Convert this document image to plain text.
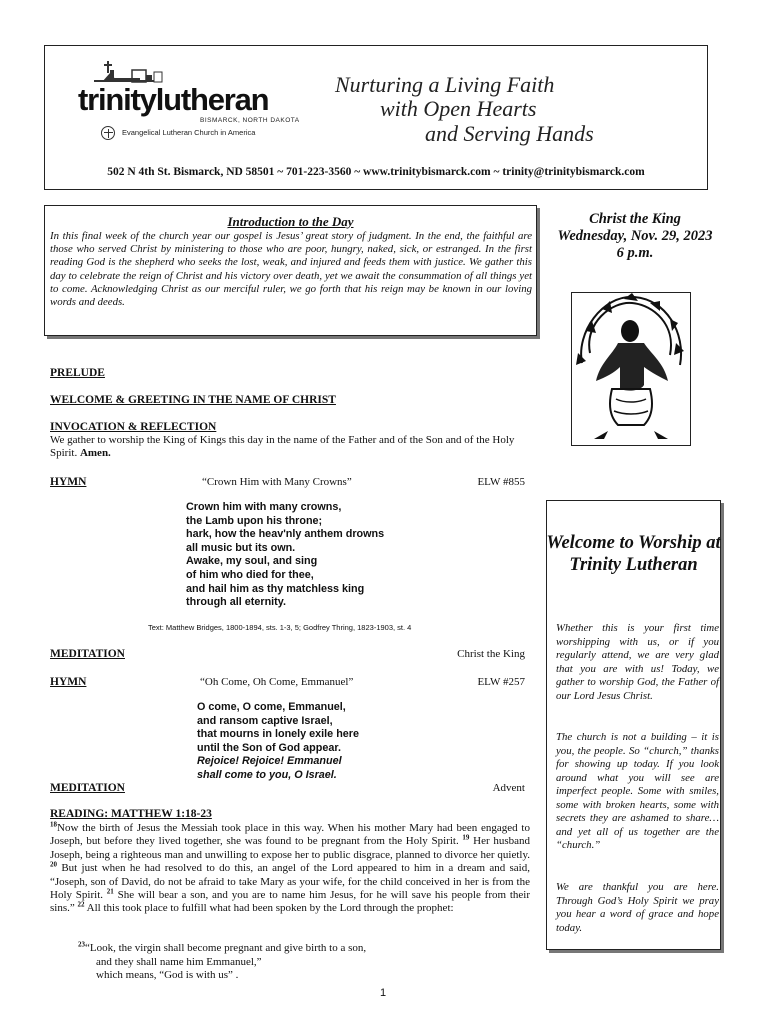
trinitylutheran
BISMARCK, NORTH DAKOTA
Evangelical Lutheran Church in America
Nurturing a Living Faith
with Open Hearts
and Serving Hands
502 N 4th St. Bismarck, ND 58501 ~ 701-223-3560 ~ www.trinitybismarck.com ~ trinity@trinitybismarck.com
Introduction to the Day
In this final week of the church year our gospel is Jesus’ great story of judgment. In the end, the faithful are those who served Christ by ministering to those who are poor, hungry, naked, sick, or estranged. In the first reading God is the shepherd who seeks the lost, weak, and injured and feeds them with justice. We gather this day to celebrate the reign of Christ and his victory over death, yet we await the consummation of all things yet to come. Acknowledging Christ as our merciful ruler, we go forth that his reign may be known in our loving words and deeds.
Christ the King
Wednesday, Nov. 29, 2023
6 p.m.
Welcome to Worship at Trinity Lutheran
Whether this is your first time worshipping with us, or if you regularly attend, we are very glad that you are with us! Today, we gather to worship God, the Father of our Lord Jesus Christ.
The church is not a building – it is you, the people. So “church,” thanks for showing up today. If you look around what you will see are imperfect people. Some with smiles, some with broken hearts, some with secrets they are ashamed to share… and yet all of us together are the “church.”
We are thankful you are here. Through God’s Holy Spirit we pray you hear a word of grace and hope today.
PRELUDE
WELCOME & GREETING IN THE NAME OF CHRIST
INVOCATION & REFLECTION
We gather to worship the King of Kings this day in the name of the Father and of the Son and of the Holy Spirit. Amen.
HYMN	“Crown Him with Many Crowns”	ELW #855
Crown him with many crowns,
the Lamb upon his throne;
hark, how the heav'nly anthem drowns
all music but its own.
Awake, my soul, and sing
of him who died for thee,
and hail him as thy matchless king
through all eternity.
Text: Matthew Bridges, 1800-1894, sts. 1-3, 5; Godfrey Thring, 1823-1903, st. 4
MEDITATION	Christ the King
HYMN	“Oh Come, Oh Come, Emmanuel”	ELW #257
O come, O come, Emmanuel,
and ransom captive Israel,
that mourns in lonely exile here
until the Son of God appear.
Rejoice! Rejoice! Emmanuel
shall come to you, O Israel.
MEDITATION	Advent
READING: MATTHEW 1:18-23
$^{18}$Now the birth of Jesus the Messiah took place in this way. When his mother Mary had been engaged to Joseph, but before they lived together, she was found to be pregnant from the Holy Spirit. $^{19}$ Her husband Joseph, being a righteous man and unwilling to expose her to public disgrace, planned to divorce her quietly. $^{20}$ But just when he had resolved to do this, an angel of the Lord appeared to him in a dream and said, “Joseph, son of David, do not be afraid to take Mary as your wife, for the child conceived in her is from the Holy Spirit. $^{21}$ She will bear a son, and you are to name him Jesus, for he will save his people from their sins.” $^{22}$ All this took place to fulfill what had been spoken by the Lord through the prophet:
$^{23}$“Look, the virgin shall become pregnant and give birth to a son,
and they shall name him Emmanuel,”
which means, “God is with us” .
1
